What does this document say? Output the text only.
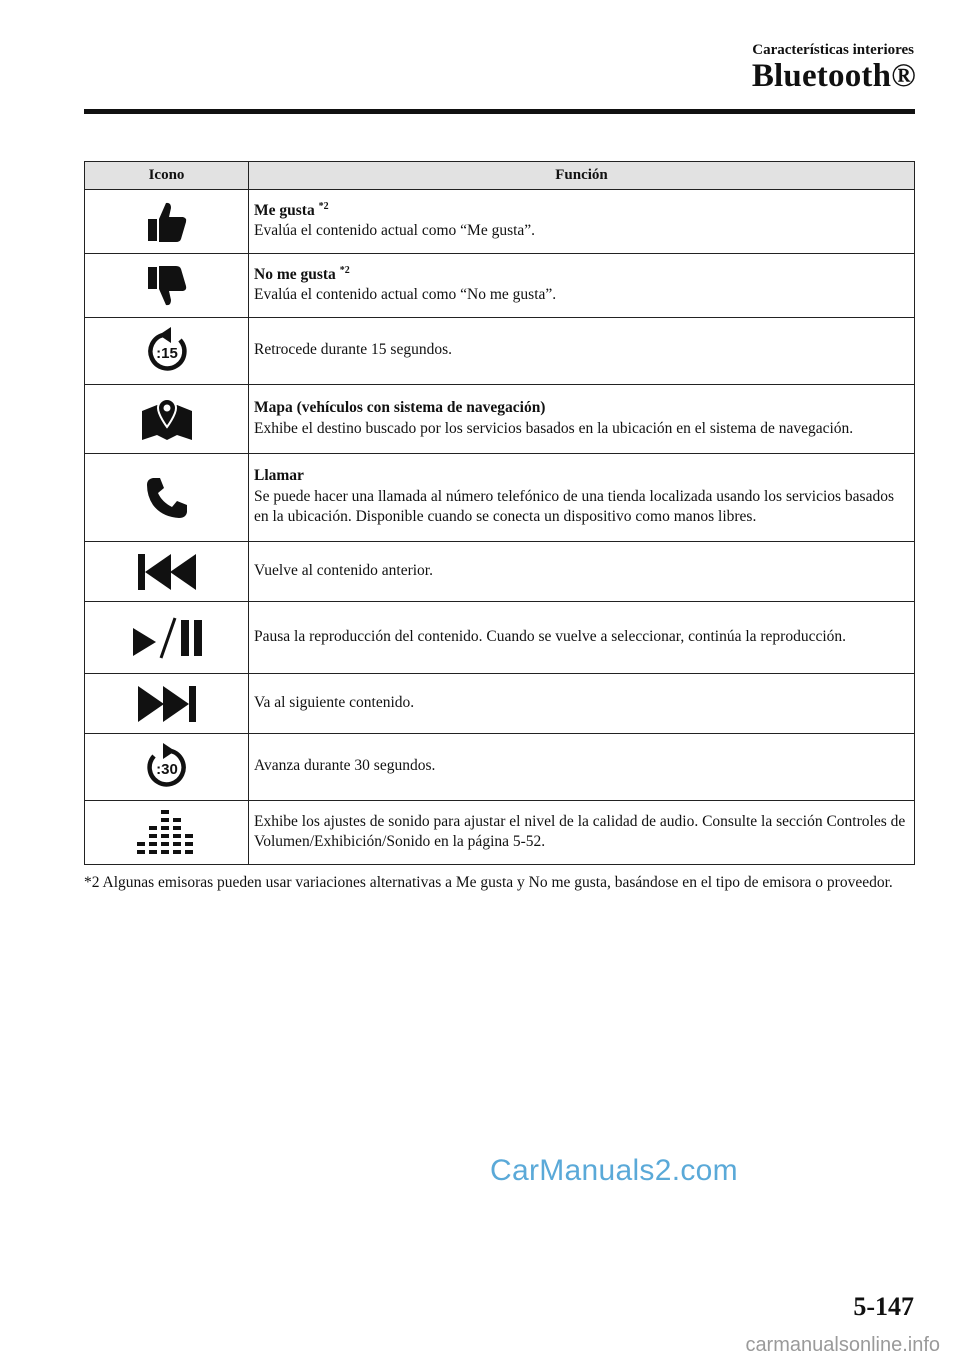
Características interiores
Bluetooth®
Icono	Función

Me gusta $^{*2}$
Evalúa el contenido actual como “Me gusta”.

No me gusta $^{*2}$
Evalúa el contenido actual como “No me gusta”.

:15	Retrocede durante 15 segundos.

Mapa (vehículos con sistema de navegación)
Exhibe el destino buscado por los servicios basados en la ubicación en el sistema de navegación.

Llamar
Se puede hacer una llamada al número telefónico de una tienda localizada usando los servicios basados en la ubicación. Disponible cuando se conecta un dispositivo como manos libres.

Vuelve al contenido anterior.

Pausa la reproducción del contenido. Cuando se vuelve a seleccionar, continúa la reproducción.

Va al siguiente contenido.

:30	Avanza durante 30 segundos.

Exhibe los ajustes de sonido para ajustar el nivel de la calidad de audio. Consulte la sección Controles de Volumen/Exhibición/Sonido en la página 5-52.
*2 Algunas emisoras pueden usar variaciones alternativas a Me gusta y No me gusta, basándose en el tipo de emisora o proveedor.
CarManuals2.com
5-147
carmanualsonline.info
